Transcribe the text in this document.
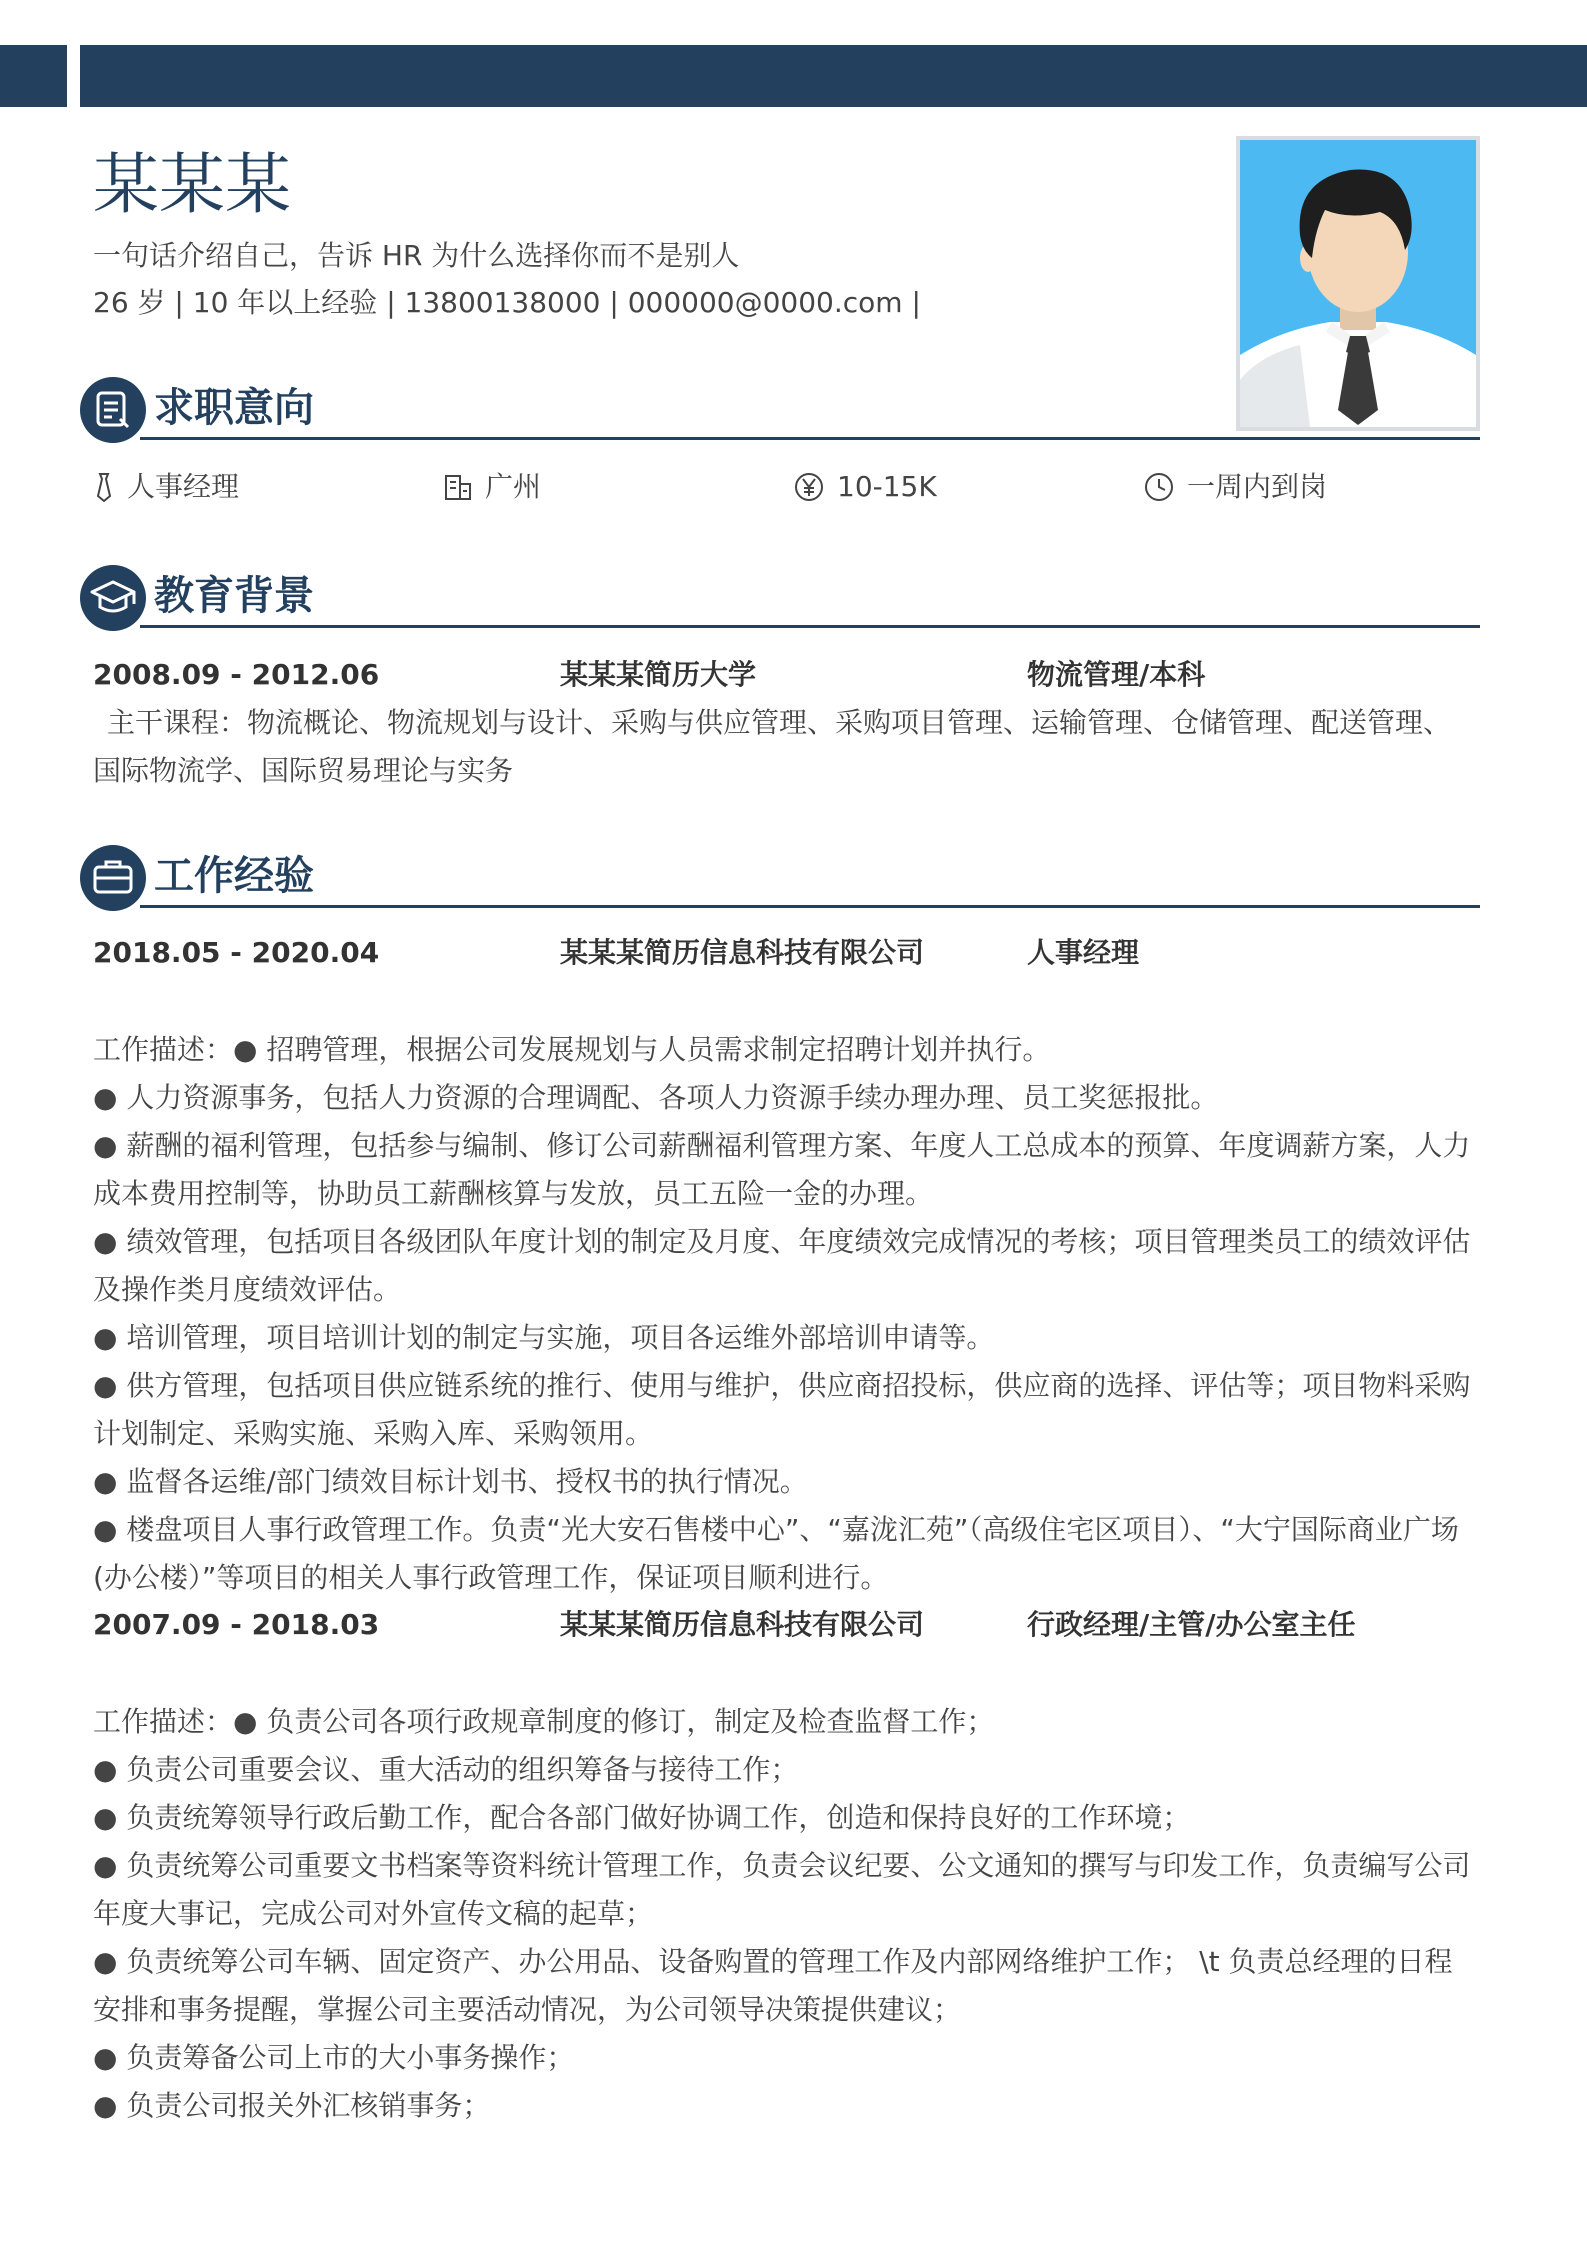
某某某
一句话介绍自己，告诉 HR 为什么选择你而不是别人
26 岁 | 10 年以上经验 | 13800138000 | 000000@0000.com |
求职意向
人事经理	广州	10-15K	一周内到岗
教育背景
2008.09 - 2012.06	某某某简历大学	物流管理/本科
主干课程：物流概论、物流规划与设计、采购与供应管理、采购项目管理、运输管理、仓储管理、配送管理、国际物流学、国际贸易理论与实务
工作经验
2018.05 - 2020.04	某某某简历信息科技有限公司	人事经理

工作描述：● 招聘管理，根据公司发展规划与人员需求制定招聘计划并执行。

● 人力资源事务，包括人力资源的合理调配、各项人力资源手续办理办理、员工奖惩报批。

● 薪酬的福利管理，包括参与编制、修订公司薪酬福利管理方案、年度人工总成本的预算、年度调薪方案，人力成本费用控制等，协助员工薪酬核算与发放，员工五险一金的办理。

● 绩效管理，包括项目各级团队年度计划的制定及月度、年度绩效完成情况的考核；项目管理类员工的绩效评估及操作类月度绩效评估。

● 培训管理，项目培训计划的制定与实施，项目各运维外部培训申请等。

● 供方管理，包括项目供应链系统的推行、使用与维护，供应商招投标，供应商的选择、评估等；项目物料采购计划制定、采购实施、采购入库、采购领用。

● 监督各运维/部门绩效目标计划书、授权书的执行情况。

● 楼盘项目人事行政管理工作。负责“光大安石售楼中心”、“嘉泷汇苑”（高级住宅区项目）、“大宁国际商业广场(办公楼）”等项目的相关人事行政管理工作，保证项目顺利进行。

2007.09 - 2018.03	某某某简历信息科技有限公司	行政经理/主管/办公室主任

工作描述：● 负责公司各项行政规章制度的修订，制定及检查监督工作；

● 负责公司重要会议、重大活动的组织筹备与接待工作；

● 负责统筹领导行政后勤工作，配合各部门做好协调工作，创造和保持良好的工作环境；

● 负责统筹公司重要文书档案等资料统计管理工作，负责会议纪要、公文通知的撰写与印发工作，负责编写公司年度大事记，完成公司对外宣传文稿的起草；

● 负责统筹公司车辆、固定资产、办公用品、设备购置的管理工作及内部网络维护工作； \t 负责总经理的日程安排和事务提醒，掌握公司主要活动情况，为公司领导决策提供建议；

● 负责筹备公司上市的大小事务操作；

● 负责公司报关外汇核销事务；
